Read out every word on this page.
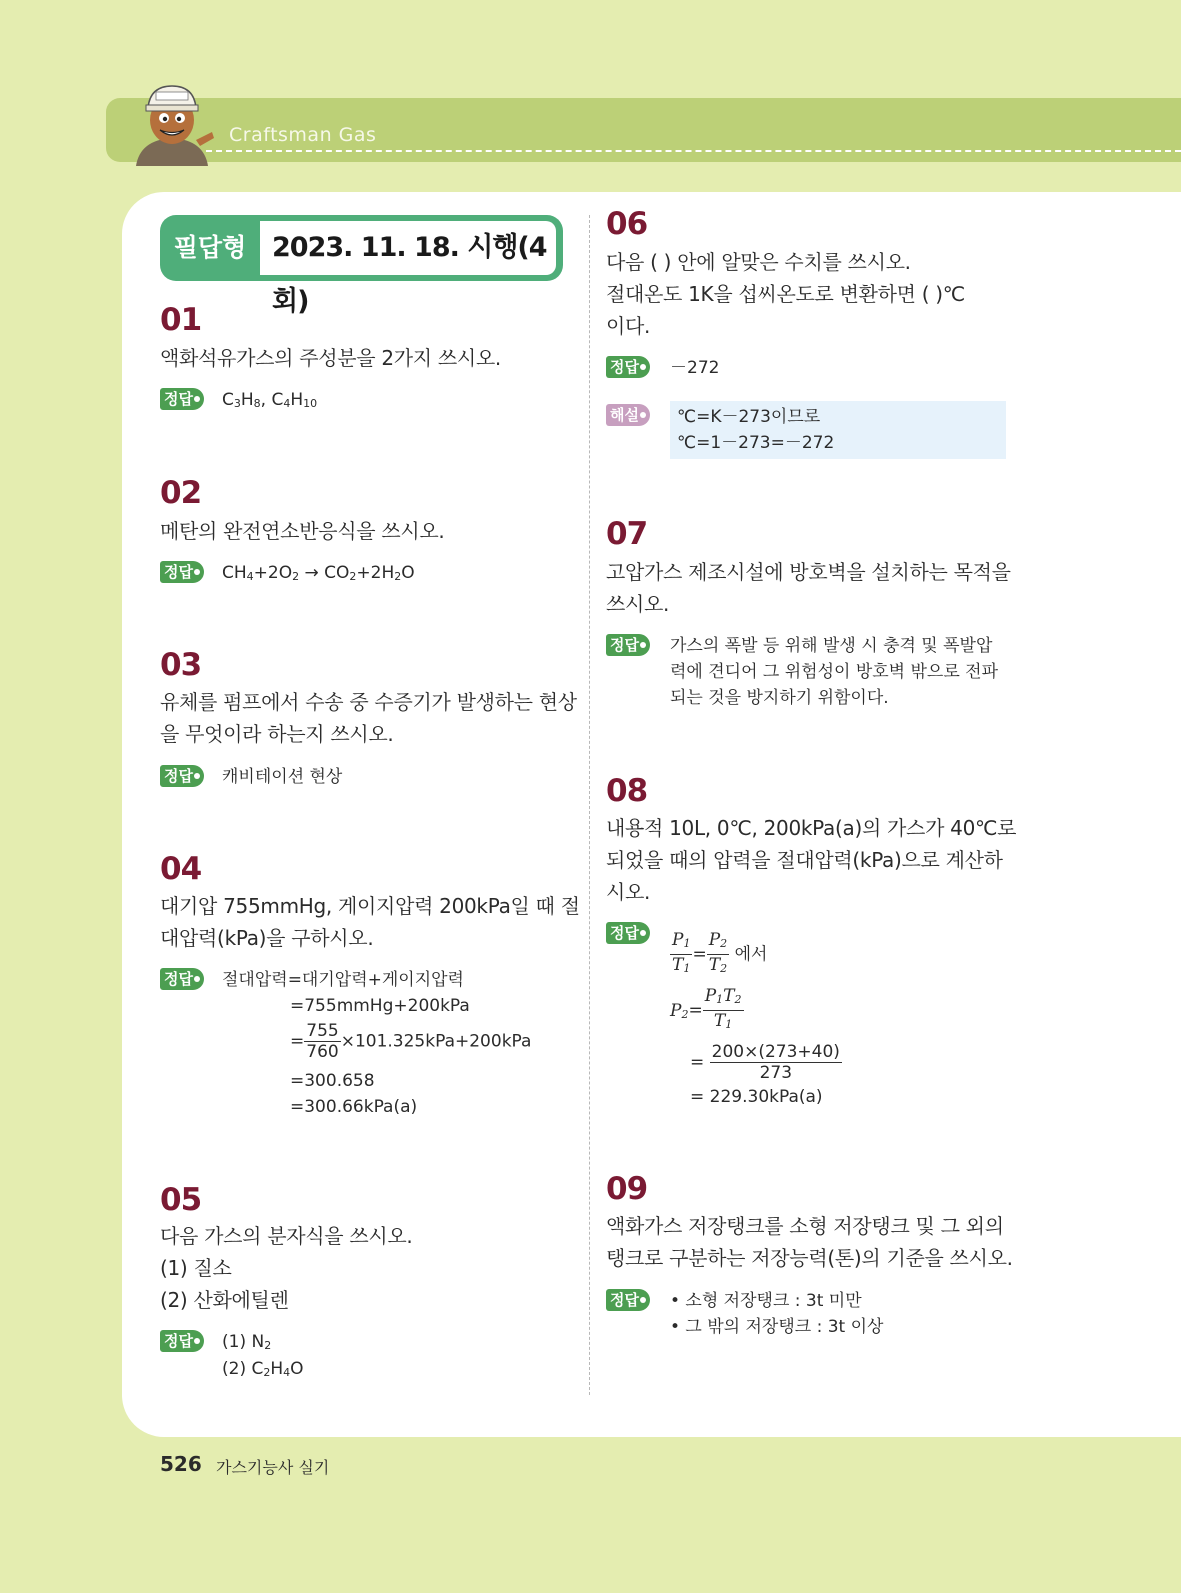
Craftsman Gas
필답형 2023. 11. 18. 시행(4회)
01
액화석유가스의 주성분을 2가지 쓰시오.
정답	C3H8, C4H10
02
메탄의 완전연소반응식을 쓰시오.
정답	CH4+2O2 → CO2+2H2O
03
유체를 펌프에서 수송 중 수증기가 발생하는 현상
을 무엇이라 하는지 쓰시오.
정답	캐비테이션 현상
04
대기압 755mmHg, 게이지압력 200kPa일 때 절
대압력(kPa)을 구하시오.
정답	절대압력=대기압력+게이지압력
=755mmHg+200kPa
= $\frac{755}{760} \times 101.325kPa+200kPa$
=300.658
=300.66kPa(a)
05
다음 가스의 분자식을 쓰시오.
(1) 질소
(2) 산화에틸렌
정답	(1) N2
(2) C2H4O
06
다음 ( ) 안에 알맞은 수치를 쓰시오.
절대온도 1K을 섭씨온도로 변환하면 ( )℃
이다.
정답	－272
해설	℃=K－273이므로
℃=1－273=－272
07
고압가스 제조시설에 방호벽을 설치하는 목적을
쓰시오.
정답	가스의 폭발 등 위해 발생 시 충격 및 폭발압
력에 견디어 그 위험성이 방호벽 밖으로 전파
되는 것을 방지하기 위함이다.
08
내용적 10L, 0℃, 200kPa(a)의 가스가 40℃로
되었을 때의 압력을 절대압력(kPa)으로 계산하
시오.
정답	$\frac{P1}{T1} = \frac{P2}{T2}$ 에서
$P2= \frac{P1T2}{T1}$
= $\frac{200\times(273+40)}{273}$
= 229.30kPa(a)
09
액화가스 저장탱크를 소형 저장탱크 및 그 외의
탱크로 구분하는 저장능력(톤)의 기준을 쓰시오.
정답	• 소형 저장탱크 : 3t 미만
• 그 밖의 저장탱크 : 3t 이상
526 가스기능사 실기
